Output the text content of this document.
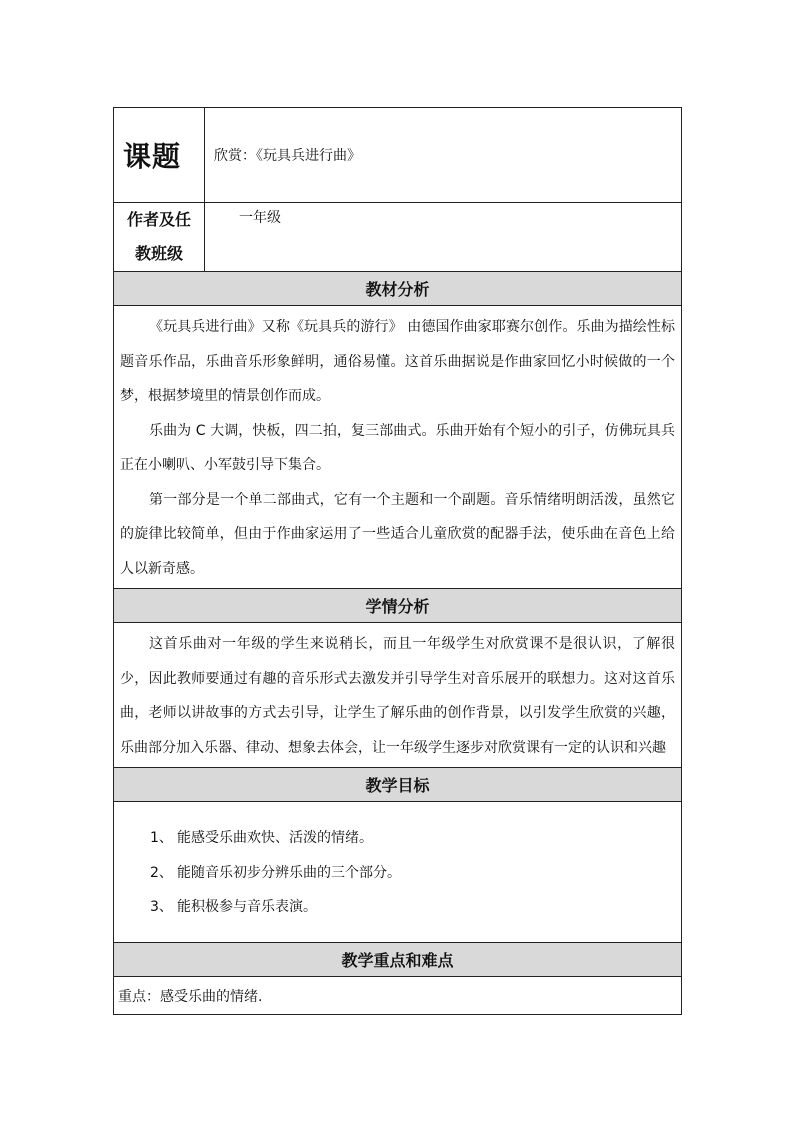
课题	欣赏：《玩具兵进行曲》

作者及任
教班级	一年级
教材分析	

《玩具兵进行曲》又称《玩具兵的游行》 由德国作曲家耶赛尔创作。乐曲为描绘性标题音乐作品，乐曲音乐形象鲜明，通俗易懂。这首乐曲据说是作曲家回忆小时候做的一个梦，根据梦境里的情景创作而成。

乐曲为 C 大调，快板，四二拍，复三部曲式。乐曲开始有个短小的引子，仿佛玩具兵正在小喇叭、小军鼓引导下集合。

第一部分是一个单二部曲式，它有一个主题和一个副题。音乐情绪明朗活泼，虽然它的旋律比较简单，但由于作曲家运用了一些适合儿童欣赏的配器手法，使乐曲在音色上给人以新奇感。	

学情分析	

这首乐曲对一年级的学生来说稍长，而且一年级学生对欣赏课不是很认识，了解很少，因此教师要通过有趣的音乐形式去激发并引导学生对音乐展开的联想力。这对这首乐曲，老师以讲故事的方式去引导，让学生了解乐曲的创作背景，以引发学生欣赏的兴趣，乐曲部分加入乐器、律动、想象去体会，让一年级学生逐步对欣赏课有一定的认识和兴趣	

教学目标	

1、 能感受乐曲欢快、活泼的情绪。

2、 能随音乐初步分辨乐曲的三个部分。

3、 能积极参与音乐表演。	

教学重点和难点	
重点：感受乐曲的情绪.	
